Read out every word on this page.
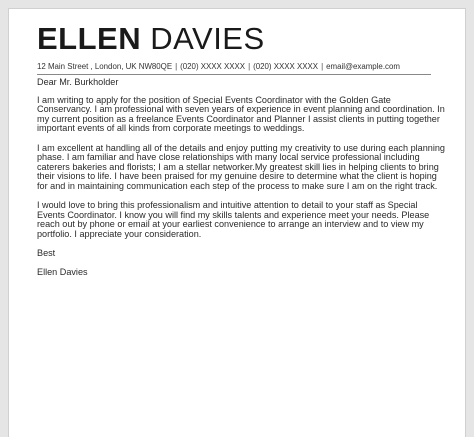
ELLEN DAVIES
12 Main Street , London, UK NW80QE | (020) XXXX XXXX | (020) XXXX XXXX | email@example.com

Dear Mr. Burkholder

I am writing to apply for the position of Special Events Coordinator with the Golden Gate Conservancy. I am professional with seven years of experience in event planning and coordination. In my current position as a freelance Events Coordinator and Planner I assist clients in putting together important events of all kinds from corporate meetings to weddings.

I am excellent at handling all of the details and enjoy putting my creativity to use during each planning phase. I am familiar and have close relationships with many local service professional including caterers bakeries and florists; I am a stellar networker.My greatest skill lies in helping clients to bring their visions to life. I have been praised for my genuine desire to determine what the client is hoping for and in maintaining communication each step of the process to make sure I am on the right track.

I would love to bring this professionalism and intuitive attention to detail to your staff as Special Events Coordinator. I know you will find my skills talents and experience meet your needs. Please reach out by phone or email at your earliest convenience to arrange an interview and to view my portfolio. I appreciate your consideration.

Best

Ellen Davies
